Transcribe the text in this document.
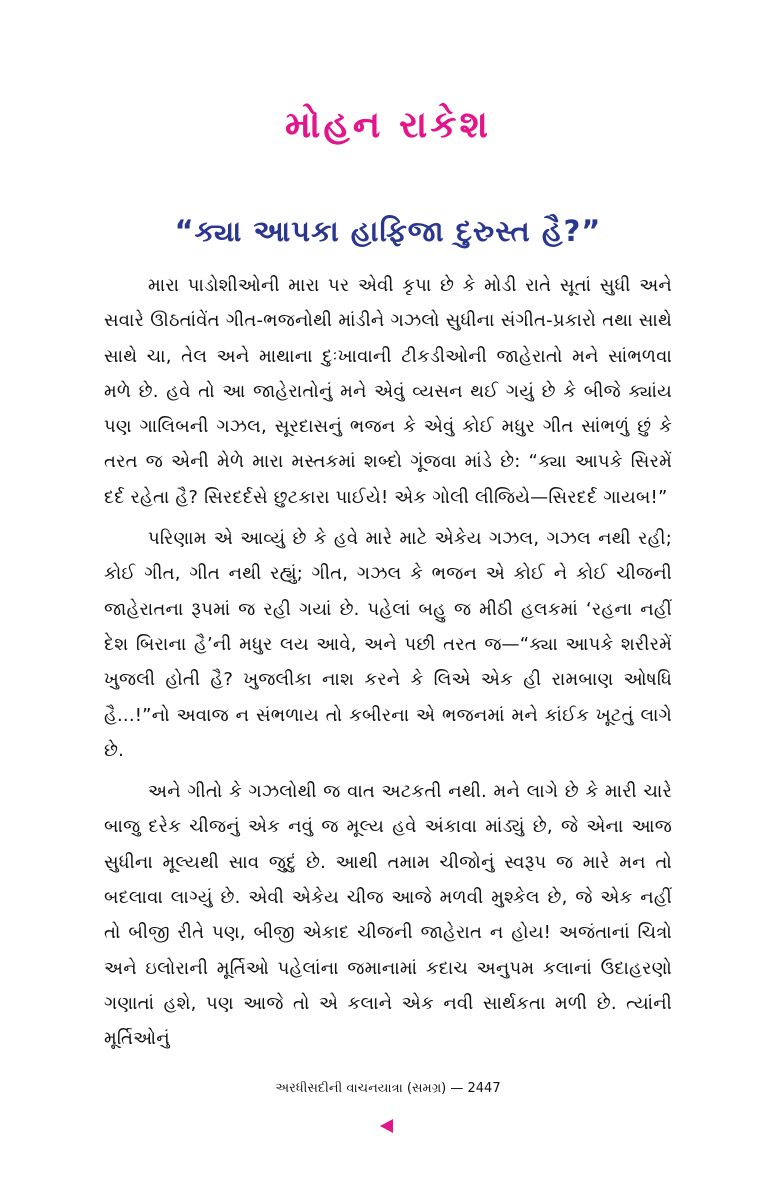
મોહન રાકેશ
“ક્યા આપકા હાફિજા દુરુસ્ત હૈ?”

મારા પાડોશીઓની મારા પર એવી કૃપા છે કે મોડી રાતે સૂતાં સુધી અને સવારે ઊઠતાંવેંત ગીત-ભજનોથી માંડીને ગઝલો સુધીના સંગીત-પ્રકારો તથા સાથે સાથે ચા, તેલ અને માથાના દુઃખાવાની ટીકડીઓની જાહેરાતો મને સાંભળવા મળે છે. હવે તો આ જાહેરાતોનું મને એવું વ્યસન થઈ ગયું છે કે બીજે ક્યાંય પણ ગાલિબની ગઝલ, સૂરદાસનું ભજન કે એવું કોઈ મધુર ગીત સાંભળું છું કે તરત જ એની મેળે મારા મસ્તકમાં શબ્દો ગૂંજવા માંડે છે: “ક્યા આપકે સિરમેં દર્દ રહેતા હૈ? સિરદર્દસે છુટકારા પાઈયે! એક ગોલી લીજિયે—સિરદર્દ ગાયબ!”

પરિણામ એ આવ્યું છે કે હવે મારે માટે એકેય ગઝલ, ગઝલ નથી રહી; કોઈ ગીત, ગીત નથી રહ્યું; ગીત, ગઝલ કે ભજન એ કોઈ ને કોઈ ચીજની જાહેરાતના રૂપમાં જ રહી ગયાં છે. પહેલાં બહુ જ મીઠી હલકમાં ‘રહના નહીં દેશ બિરાના હૈ’ની મધુર લય આવે, અને પછી તરત જ—“ક્યા આપકે શરીરમેં ખુજલી હોતી હૈ? ખુજલીકા નાશ કરને કે લિએ એક હી રામબાણ ઓષધિ હૈ...!”નો અવાજ ન સંભળાય તો કબીરના એ ભજનમાં મને કાંઈક ખૂટતું લાગે છે.

અને ગીતો કે ગઝલોથી જ વાત અટકતી નથી. મને લાગે છે કે મારી ચારે બાજુ દરેક ચીજનું એક નવું જ મૂલ્ય હવે અંકાવા માંડ્યું છે, જે એના આજ સુધીના મૂલ્યથી સાવ જુદું છે. આથી તમામ ચીજોનું સ્વરૂપ જ મારે મન તો બદલાવા લાગ્યું છે. એવી એકેય ચીજ આજે મળવી મુશ્કેલ છે, જે એક નહીં તો બીજી રીતે પણ, બીજી એકાદ ચીજની જાહેરાત ન હોય! અજંતાનાં ચિત્રો અને ઇલોરાની મૂર્તિઓ પહેલાંના જમાનામાં કદાચ અનુપમ કલાનાં ઉદાહરણો ગણાતાં હશે, પણ આજે તો એ કલાને એક નવી સાર્થકતા મળી છે. ત્યાંની મૂર્તિઓનું

અરધીસદીની વાચનયાત્રા (સમગ્ર) — 2447
